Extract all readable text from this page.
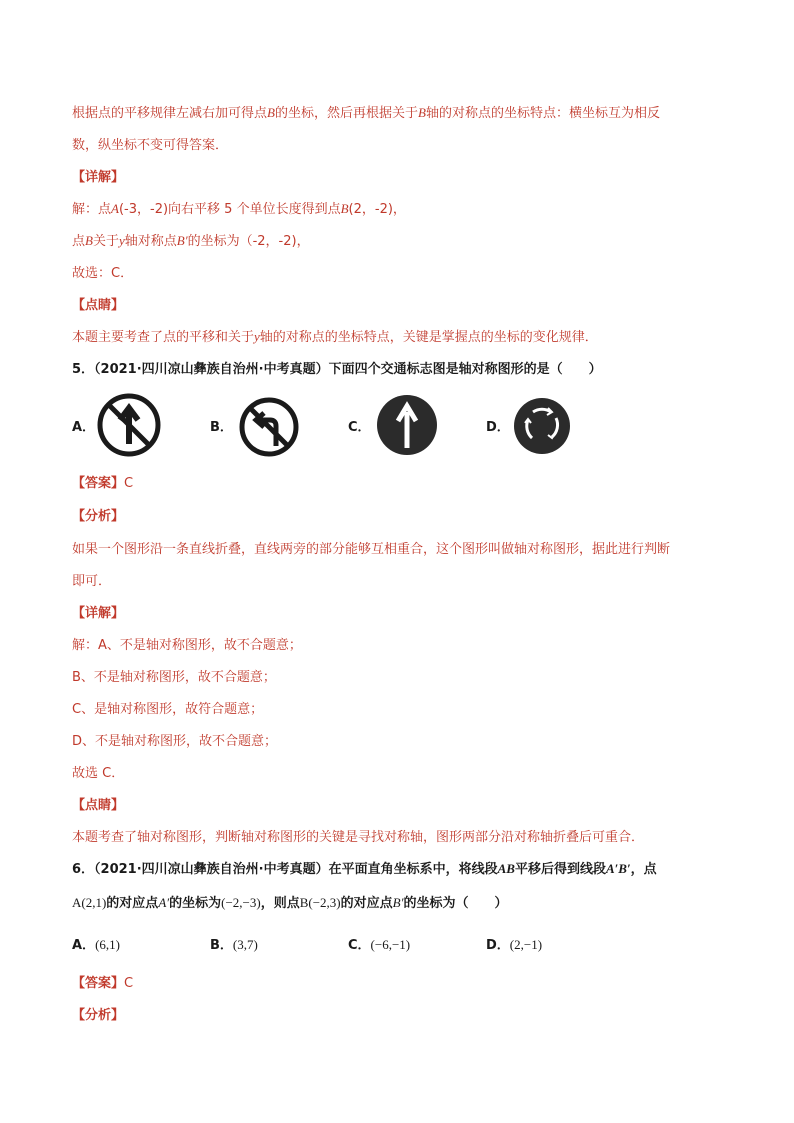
根据点的平移规律左减右加可得点B的坐标，然后再根据关于B轴的对称点的坐标特点：横坐标互为相反
数，纵坐标不变可得答案．
【详解】
解：点A(-3，-2)向右平移 5 个单位长度得到点B(2，-2)，
点B关于y轴对称点B′的坐标为（-2，-2)，
故选：C．
【点睛】
本题主要考查了点的平移和关于y轴的对称点的坐标特点，关键是掌握点的坐标的变化规律．
5．（2021·四川凉山彝族自治州·中考真题）下面四个交通标志图是轴对称图形的是（　　）
A．	B．	C．	D．
【答案】C
【分析】
如果一个图形沿一条直线折叠，直线两旁的部分能够互相重合，这个图形叫做轴对称图形，据此进行判断
即可．
【详解】
解：A、不是轴对称图形，故不合题意；
B、不是轴对称图形，故不合题意；
C、是轴对称图形，故符合题意；
D、不是轴对称图形，故不合题意；
故选 C．
【点睛】
本题考查了轴对称图形，判断轴对称图形的关键是寻找对称轴，图形两部分沿对称轴折叠后可重合．
6．（2021·四川凉山彝族自治州·中考真题）在平面直角坐标系中，将线段AB平移后得到线段A′B′，点
A(2,1)的对应点A′的坐标为(−2,−3)，则点B(−2,3)的对应点B′的坐标为（　　）
A．(6,1)	B．(3,7)	C．(−6,−1)	D．(2,−1)
【答案】C
【分析】
